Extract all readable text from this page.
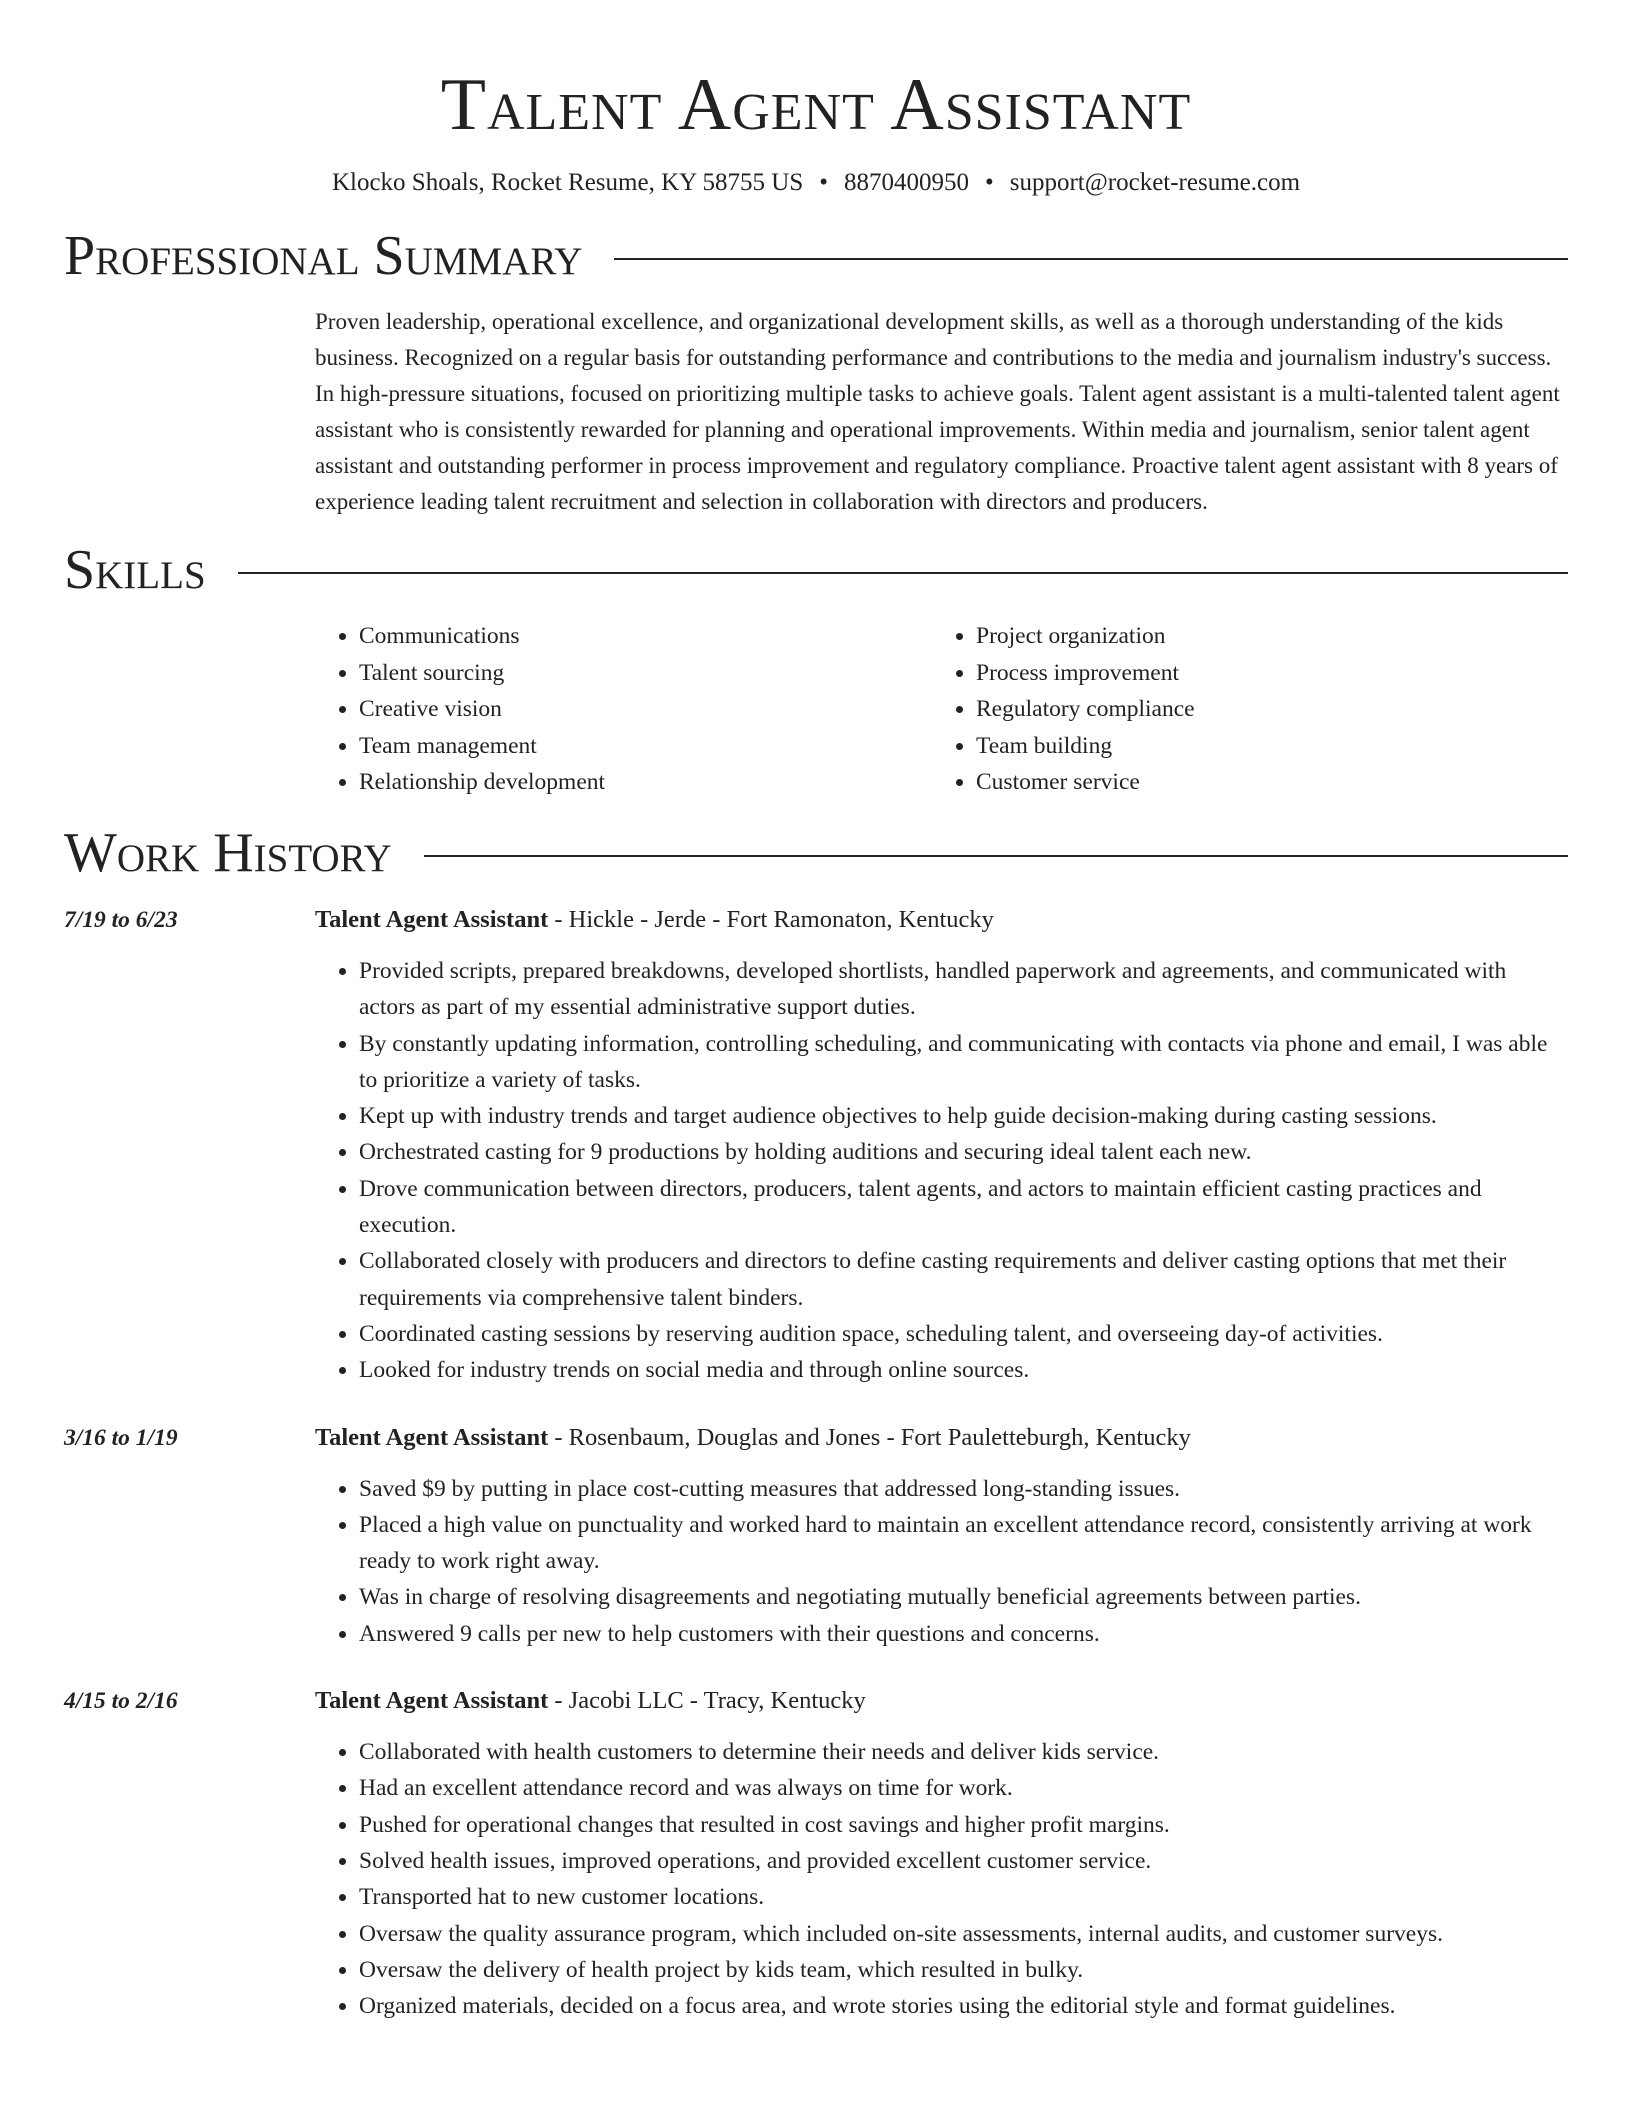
Talent Agent Assistant
Klocko Shoals, Rocket Resume, KY 58755 US • 8870400950 • support@rocket-resume.com
Professional Summary

Proven leadership, operational excellence, and organizational development skills, as well as a thorough understanding of the kids business. Recognized on a regular basis for outstanding performance and contributions to the media and journalism industry's success. In high-pressure situations, focused on prioritizing multiple tasks to achieve goals. Talent agent assistant is a multi-talented talent agent assistant who is consistently rewarded for planning and operational improvements. Within media and journalism, senior talent agent assistant and outstanding performer in process improvement and regulatory compliance. Proactive talent agent assistant with 8 years of experience leading talent recruitment and selection in collaboration with directors and producers.

Skills
• Communications
• Talent sourcing
• Creative vision
• Team management
• Relationship development
• Project organization
• Process improvement
• Regulatory compliance
• Team building
• Customer service
Work History
7/19 to 6/23	Talent Agent Assistant - Hickle - Jerde - Fort Ramonaton, Kentucky
• Provided scripts, prepared breakdowns, developed shortlists, handled paperwork and agreements, and communicated with actors as part of my essential administrative support duties.
• By constantly updating information, controlling scheduling, and communicating with contacts via phone and email, I was able to prioritize a variety of tasks.
• Kept up with industry trends and target audience objectives to help guide decision-making during casting sessions.
• Orchestrated casting for 9 productions by holding auditions and securing ideal talent each new.
• Drove communication between directors, producers, talent agents, and actors to maintain efficient casting practices and execution.
• Collaborated closely with producers and directors to define casting requirements and deliver casting options that met their requirements via comprehensive talent binders.
• Coordinated casting sessions by reserving audition space, scheduling talent, and overseeing day-of activities.
• Looked for industry trends on social media and through online sources.
3/16 to 1/19	Talent Agent Assistant - Rosenbaum, Douglas and Jones - Fort Pauletteburgh, Kentucky
• Saved $9 by putting in place cost-cutting measures that addressed long-standing issues.
• Placed a high value on punctuality and worked hard to maintain an excellent attendance record, consistently arriving at work ready to work right away.
• Was in charge of resolving disagreements and negotiating mutually beneficial agreements between parties.
• Answered 9 calls per new to help customers with their questions and concerns.
4/15 to 2/16	Talent Agent Assistant - Jacobi LLC - Tracy, Kentucky
• Collaborated with health customers to determine their needs and deliver kids service.
• Had an excellent attendance record and was always on time for work.
• Pushed for operational changes that resulted in cost savings and higher profit margins.
• Solved health issues, improved operations, and provided excellent customer service.
• Transported hat to new customer locations.
• Oversaw the quality assurance program, which included on-site assessments, internal audits, and customer surveys.
• Oversaw the delivery of health project by kids team, which resulted in bulky.
• Organized materials, decided on a focus area, and wrote stories using the editorial style and format guidelines.
